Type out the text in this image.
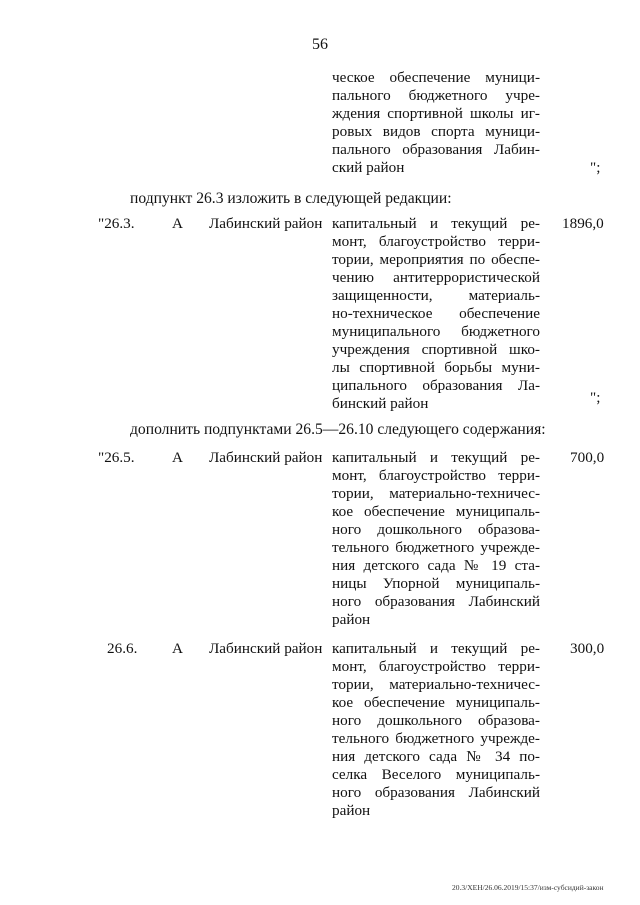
56
ческое обеспечение муници-
пального бюджетного учре-
ждения спортивной школы иг-
ровых видов спорта муници-
пального образования Лабин-
ский район	";
подпункт 26.3 изложить в следующей редакции:
"26.3. А Лабинский район капитальный и текущий ре-
монт, благоустройство терри-
тории, мероприятия по обеспе-
чению антитеррористической
защищенности, материаль-
но-техническое обеспечение
муниципального бюджетного
учреждения спортивной шко-
лы спортивной борьбы муни-
ципального образования Ла-
бинский район
1896,0
";
дополнить подпунктами 26.5—26.10 следующего содержания:
"26.5. А Лабинский район капитальный и текущий ре-
монт, благоустройство терри-
тории, материально-техничес-
кое обеспечение муниципаль-
ного дошкольного образова-
тельного бюджетного учрежде-
ния детского сада № 19 ста-
ницы Упорной муниципаль-
ного образования Лабинский
район
700,0
26.6. А Лабинский район капитальный и текущий ре-
монт, благоустройство терри-
тории, материально-техничес-
кое обеспечение муниципаль-
ного дошкольного образова-
тельного бюджетного учрежде-
ния детского сада № 34 по-
селка Веселого муниципаль-
ного образования Лабинский
район
300,0
20.3/ХЕН/26.06.2019/15:37/изм-субсидий-закон
